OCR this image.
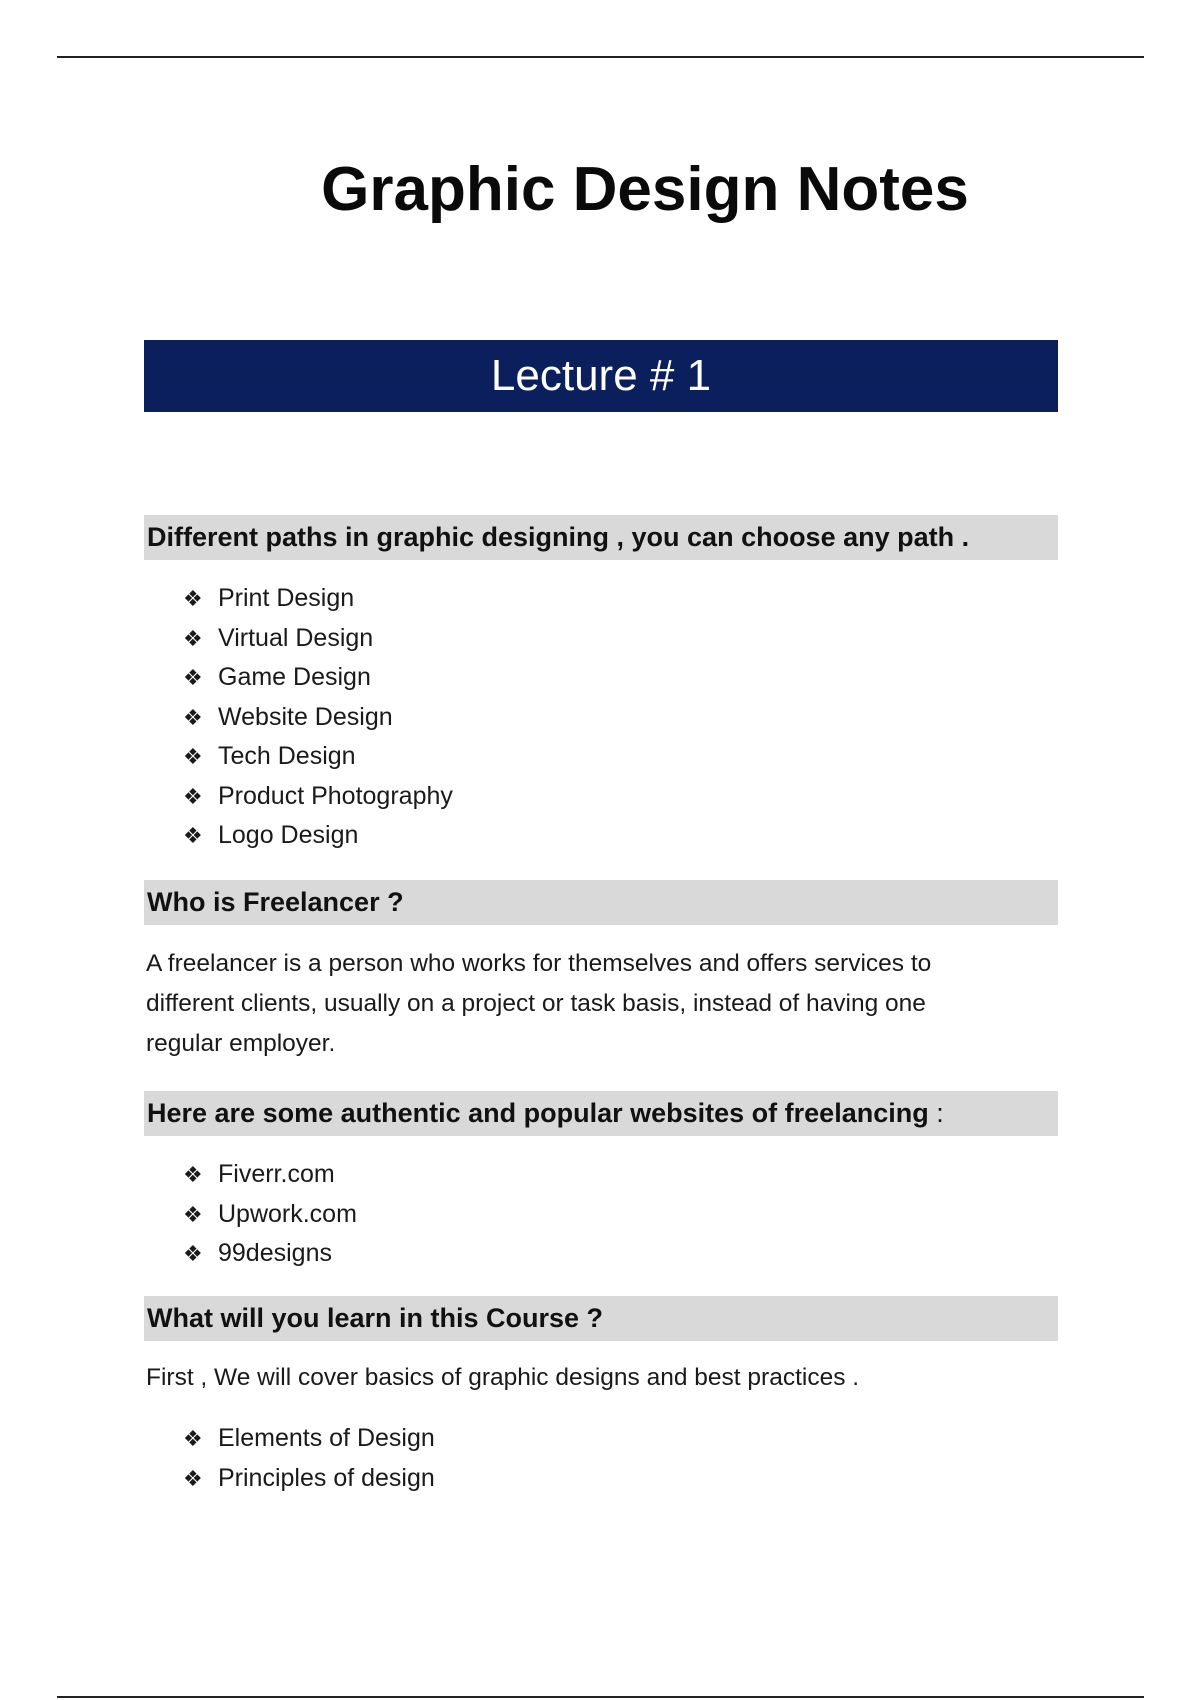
Graphic Design Notes
Lecture # 1
Different paths in graphic designing , you can choose any path .
❖ Print Design
❖ Virtual Design
❖ Game Design
❖ Website Design
❖ Tech Design
❖ Product Photography
❖ Logo Design
Who is Freelancer ?

A freelancer is a person who works for themselves and offers services to
different clients, usually on a project or task basis, instead of having one
regular employer.

Here are some authentic and popular websites of freelancing :
❖ Fiverr.com
❖ Upwork.com
❖ 99designs
What will you learn in this Course ?

First , We will cover basics of graphic designs and best practices .

❖ Elements of Design
❖ Principles of design
